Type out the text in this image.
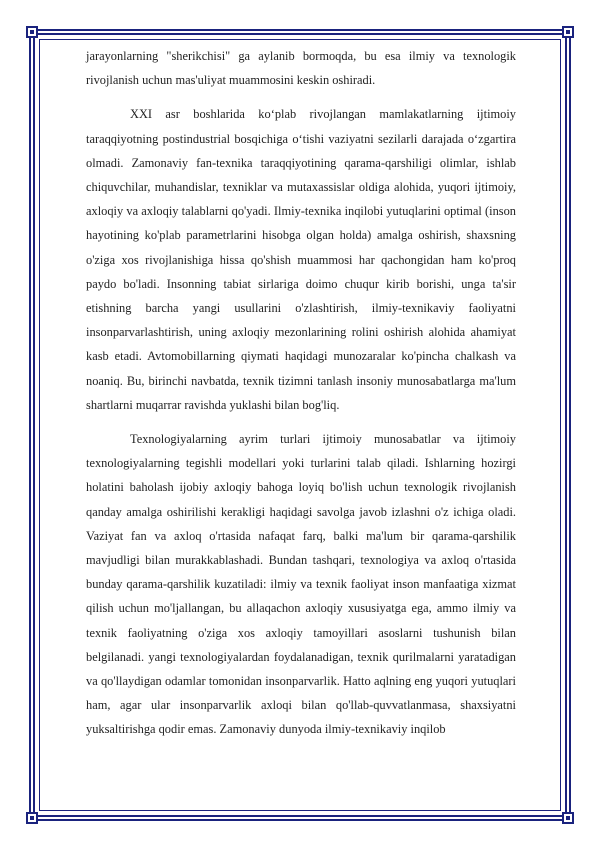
jarayonlarning "sherikchisi" ga aylanib bormoqda, bu esa ilmiy va texnologik rivojlanish uchun mas'uliyat muammosini keskin oshiradi.

XXI asr boshlarida koʻplab rivojlangan mamlakatlarning ijtimoiy taraqqiyotning postindustrial bosqichiga oʻtishi vaziyatni sezilarli darajada oʻzgartira olmadi. Zamonaviy fan-texnika taraqqiyotining qarama-qarshiligi olimlar, ishlab chiquvchilar, muhandislar, texniklar va mutaxassislar oldiga alohida, yuqori ijtimoiy, axloqiy va axloqiy talablarni qo'yadi. Ilmiy-texnika inqilobi yutuqlarini optimal (inson hayotining ko'plab parametrlarini hisobga olgan holda) amalga oshirish, shaxsning o'ziga xos rivojlanishiga hissa qo'shish muammosi har qachongidan ham ko'proq paydo bo'ladi. Insonning tabiat sirlariga doimo chuqur kirib borishi, unga ta'sir etishning barcha yangi usullarini o'zlashtirish, ilmiy-texnikaviy faoliyatni insonparvarlashtirish, uning axloqiy mezonlarining rolini oshirish alohida ahamiyat kasb etadi. Avtomobillarning qiymati haqidagi munozaralar ko'pincha chalkash va noaniq. Bu, birinchi navbatda, texnik tizimni tanlash insoniy munosabatlarga ma'lum shartlarni muqarrar ravishda yuklashi bilan bog'liq.

Texnologiyalarning ayrim turlari ijtimoiy munosabatlar va ijtimoiy texnologiyalarning tegishli modellari yoki turlarini talab qiladi. Ishlarning hozirgi holatini baholash ijobiy axloqiy bahoga loyiq bo'lish uchun texnologik rivojlanish qanday amalga oshirilishi kerakligi haqidagi savolga javob izlashni o'z ichiga oladi. Vaziyat fan va axloq o'rtasida nafaqat farq, balki ma'lum bir qarama-qarshilik mavjudligi bilan murakkablashadi. Bundan tashqari, texnologiya va axloq o'rtasida bunday qarama-qarshilik kuzatiladi: ilmiy va texnik faoliyat inson manfaatiga xizmat qilish uchun mo'ljallangan, bu allaqachon axloqiy xususiyatga ega, ammo ilmiy va texnik faoliyatning o'ziga xos axloqiy tamoyillari asoslarni tushunish bilan belgilanadi. yangi texnologiyalardan foydalanadigan, texnik qurilmalarni yaratadigan va qo'llaydigan odamlar tomonidan insonparvarlik. Hatto aqlning eng yuqori yutuqlari ham, agar ular insonparvarlik axloqi bilan qo'llab-quvvatlanmasa, shaxsiyatni yuksaltirishga qodir emas. Zamonaviy dunyoda ilmiy-texnikaviy inqilob
